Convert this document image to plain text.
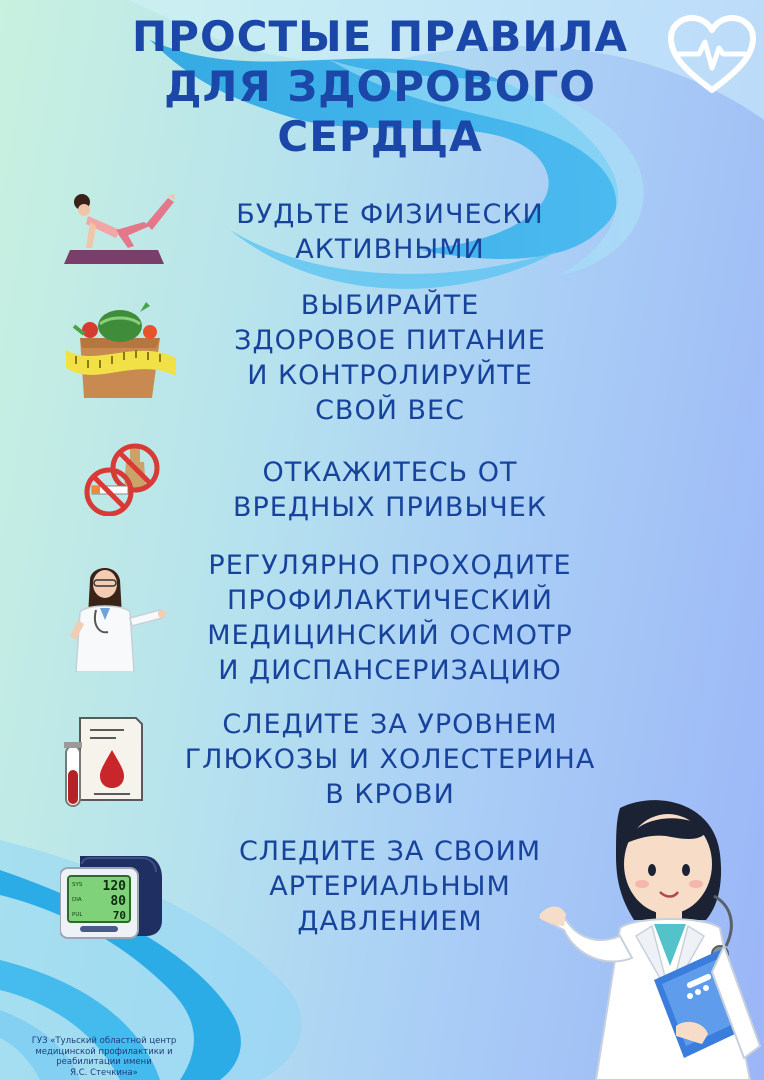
ПРОСТЫЕ ПРАВИЛА
ДЛЯ ЗДОРОВОГО
СЕРДЦА
БУДЬТЕ ФИЗИЧЕСКИ
АКТИВНЫМИ
ВЫБИРАЙТЕ
ЗДОРОВОЕ ПИТАНИЕ
И КОНТРОЛИРУЙТЕ
СВОЙ ВЕС
ОТКАЖИТЕСЬ ОТ
ВРЕДНЫХ ПРИВЫЧЕК
РЕГУЛЯРНО ПРОХОДИТЕ
ПРОФИЛАКТИЧЕСКИЙ
МЕДИЦИНСКИЙ ОСМОТР
И ДИСПАНСЕРИЗАЦИЮ
СЛЕДИТЕ ЗА УРОВНЕМ
ГЛЮКОЗЫ И ХОЛЕСТЕРИНА
В КРОВИ
SYS
DIA
PUL
120
80
70
СЛЕДИТЕ ЗА СВОИМ
АРТЕРИАЛЬНЫМ
ДАВЛЕНИЕМ
ГУЗ «Тульский областной центр
медицинской профилактики и
реабилитации имени
Я.С. Стечкина»
